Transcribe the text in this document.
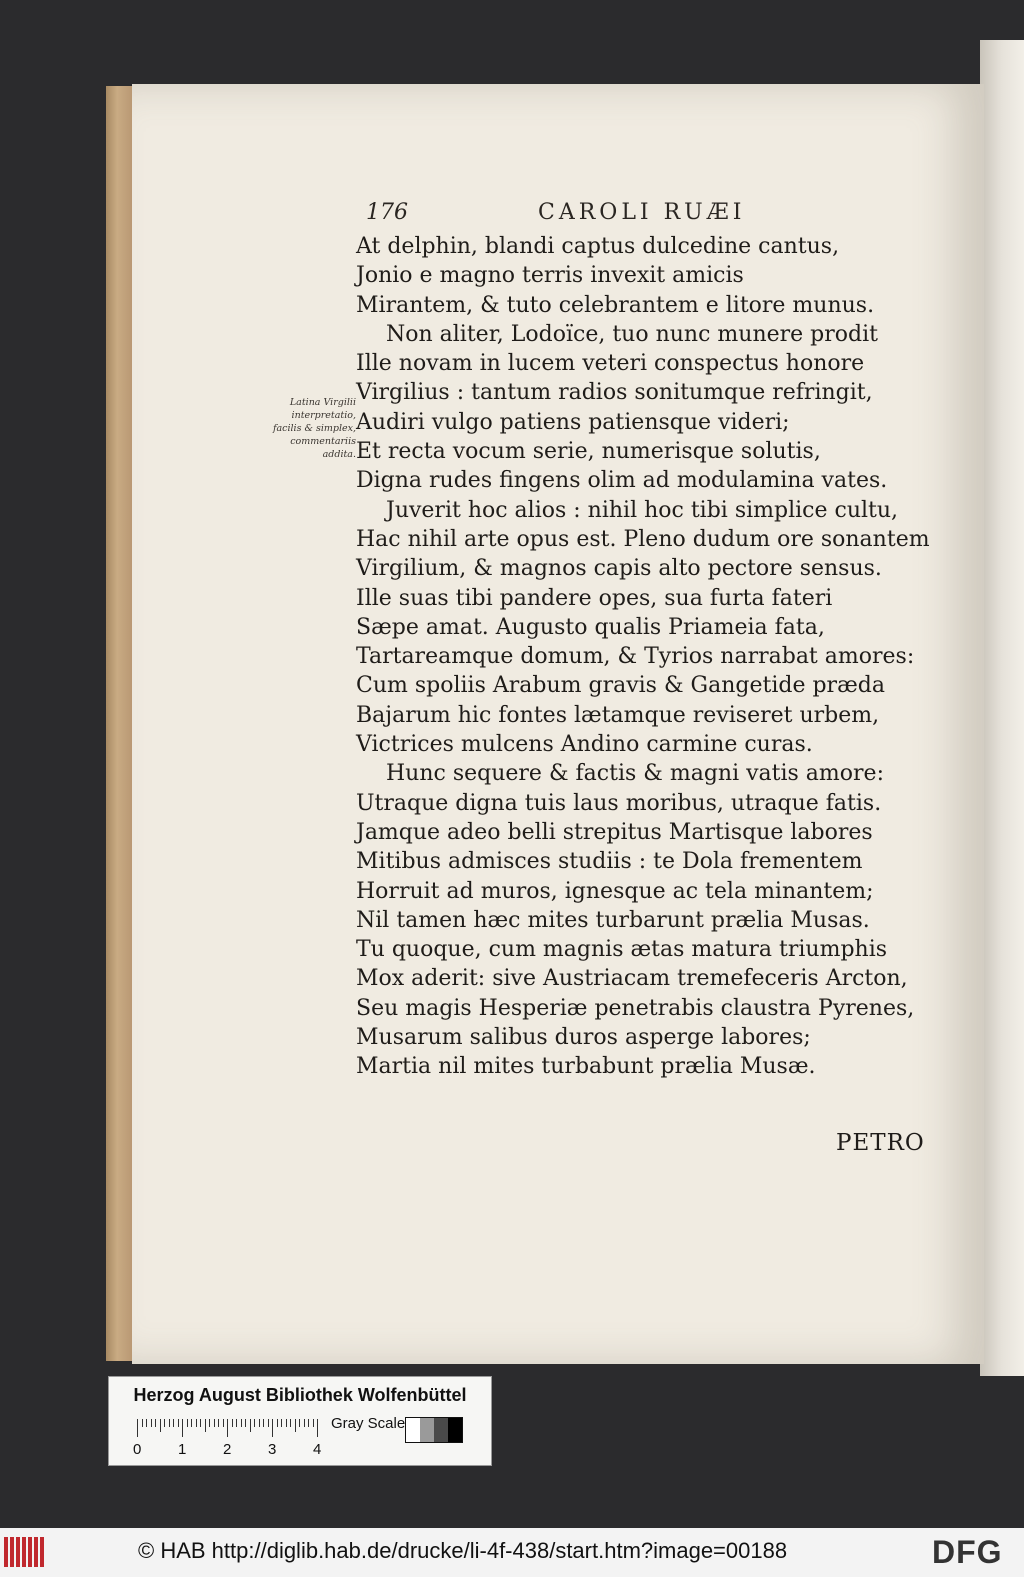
176	CAROLI RUÆI
Latina Virgilii interpretatio, facilis & simplex, commentariis addita.
At delphin, blandi captus dulcedine cantus,
Jonio e magno terris invexit amicis
Mirantem, & tuto celebrantem e litore munus.
Non aliter, Lodoïce, tuo nunc munere prodit
Ille novam in lucem veteri conspectus honore
Virgilius : tantum radios sonitumque refringit,
Audiri vulgo patiens patiensque videri;
Et recta vocum serie, numerisque solutis,
Digna rudes fingens olim ad modulamina vates.
Juverit hoc alios : nihil hoc tibi simplice cultu,
Hac nihil arte opus est. Pleno dudum ore sonantem
Virgilium, & magnos capis alto pectore sensus.
Ille suas tibi pandere opes, sua furta fateri
Sæpe amat. Augusto qualis Priameia fata,
Tartareamque domum, & Tyrios narrabat amores:
Cum spoliis Arabum gravis & Gangetide præda
Bajarum hic fontes lætamque reviseret urbem,
Victrices mulcens Andino carmine curas.
Hunc sequere & factis & magni vatis amore:
Utraque digna tuis laus moribus, utraque fatis.
Jamque adeo belli strepitus Martisque labores
Mitibus admisces studiis : te Dola frementem
Horruit ad muros, ignesque ac tela minantem;
Nil tamen hæc mites turbarunt prælia Musas.
Tu quoque, cum magnis ætas matura triumphis
Mox aderit: sive Austriacam tremefeceris Arcton,
Seu magis Hesperiæ penetrabis claustra Pyrenes,
Musarum salibus duros asperge labores;
Martia nil mites turbabunt prælia Musæ.
PETRO
Herzog August Bibliothek Wolfenbüttel
0 1 2 3 4
Gray Scale
© HAB http://diglib.hab.de/drucke/li-4f-438/start.htm?image=00188	DFG
